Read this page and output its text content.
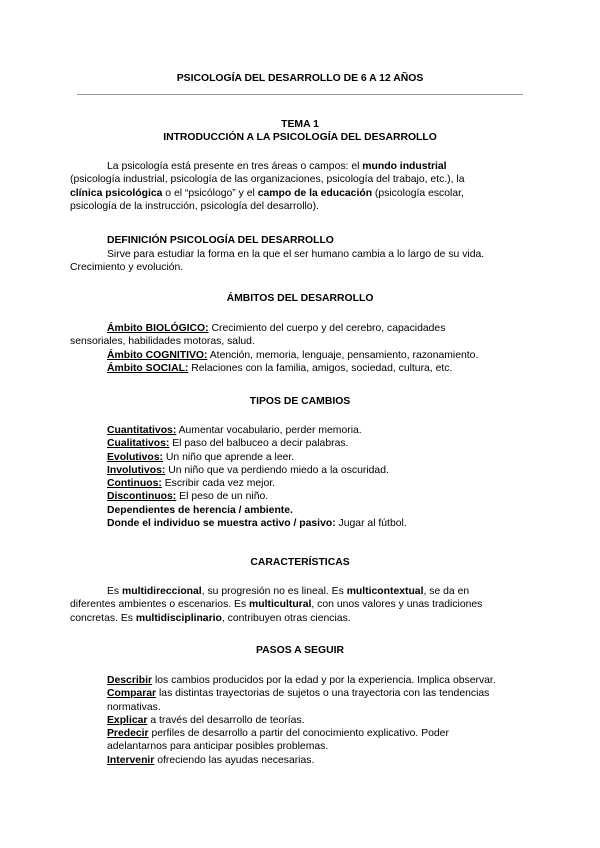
PSICOLOGÍA DEL DESARROLLO DE 6 A 12 AÑOS
TEMA 1
INTRODUCCIÓN A LA PSICOLOGÍA DEL DESARROLLO
La psicología está presente en tres áreas o campos: el mundo industrial
(psicología industrial, psicología de las organizaciones, psicología del trabajo, etc.), la
clínica psicológica o el “psicólogo” y el campo de la educación (psicología escolar,
psicología de la instrucción, psicología del desarrollo).
DEFINICIÓN PSICOLOGÍA DEL DESARROLLO
Sirve para estudiar la forma en la que el ser humano cambia a lo largo de su vida.
Crecimiento y evolución.
ÁMBITOS DEL DESARROLLO
Ámbito BIOLÓGICO: Crecimiento del cuerpo y del cerebro, capacidades
sensoriales, habilidades motoras, salud.
Ámbito COGNITIVO: Atención, memoria, lenguaje, pensamiento, razonamiento.
Ámbito SOCIAL: Relaciones con la familia, amigos, sociedad, cultura, etc.
TIPOS DE CAMBIOS
Cuantitativos: Aumentar vocabulario, perder memoria.
Cualitativos: El paso del balbuceo a decir palabras.
Evolutivos: Un niño que aprende a leer.
Involutivos: Un niño que va perdiendo miedo a la oscuridad.
Continuos: Escribir cada vez mejor.
Discontinuos: El peso de un niño.
Dependientes de herencia / ambiente.
Donde el individuo se muestra activo / pasivo: Jugar al fútbol.
CARACTERÍSTICAS
Es multidireccional, su progresión no es lineal. Es multicontextual, se da en
diferentes ambientes o escenarios. Es multicultural, con unos valores y unas tradiciones
concretas. Es multidisciplinario, contribuyen otras ciencias.
PASOS A SEGUIR
Describir los cambios producidos por la edad y por la experiencia. Implica observar.
Comparar las distintas trayectorias de sujetos o una trayectoria con las tendencias
normativas.
Explicar a través del desarrollo de teorías.
Predecir perfiles de desarrollo a partir del conocimiento explicativo. Poder
adelantarnos para anticipar posibles problemas.
Intervenir ofreciendo las ayudas necesarias.
